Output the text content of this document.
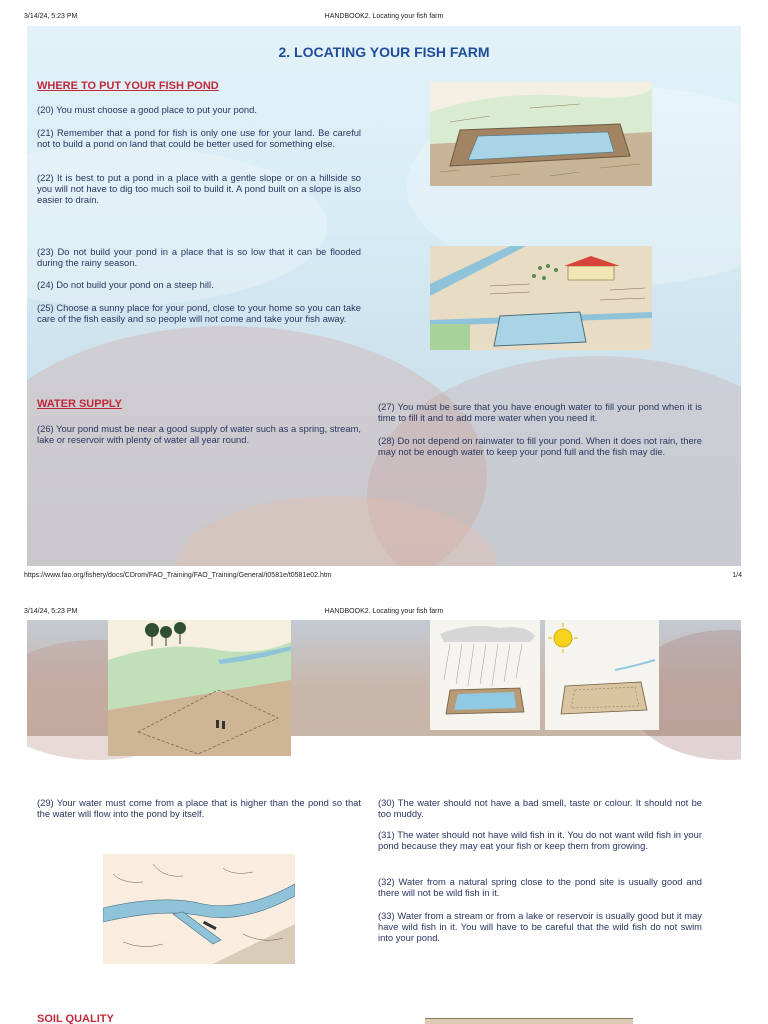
3/14/24, 5:23 PM	HANDBOOK2. Locating your fish farm
2. LOCATING YOUR FISH FARM
WHERE TO PUT YOUR FISH POND
(20) You must choose a good place to put your pond.
(21) Remember that a pond for fish is only one use for your land. Be careful not to build a pond on land that could be better used for something else.
(22) It is best to put a pond in a place with a gentle slope or on a hillside so you will not have to dig too much soil to build it. A pond built on a slope is also easier to drain.
(23) Do not build your pond in a place that is so low that it can be flooded during the rainy season.
(24) Do not build your pond on a steep hill.
(25) Choose a sunny place for your pond, close to your home so you can take care of the fish easily and so people will not come and take your fish away.
WATER SUPPLY
(26) Your pond must be near a good supply of water such as a spring, stream, lake or reservoir with plenty of water all year round.
(27) You must be sure that you have enough water to fill your pond when it is time to fill it and to add more water when you need it.
(28) Do not depend on rainwater to fill your pond. When it does not rain, there may not be enough water to keep your pond full and the fish may die.
https://www.fao.org/fishery/docs/CDrom/FAO_Training/FAO_Training/General/t0581e/t0581e02.htm	1/4
3/14/24, 5:23 PM	HANDBOOK2. Locating your fish farm
(29) Your water must come from a place that is higher than the pond so that the water will flow into the pond by itself.
(30) The water should not have a bad smell, taste or colour. It should not be too muddy.
(31) The water should not have wild fish in it. You do not want wild fish in your pond because they may eat your fish or keep them from growing.
(32) Water from a natural spring close to the pond site is usually good and there will not be wild fish in it.
(33) Water from a stream or from a lake or reservoir is usually good but it may have wild fish in it. You will have to be careful that the wild fish do not swim into your pond.
SOIL QUALITY
